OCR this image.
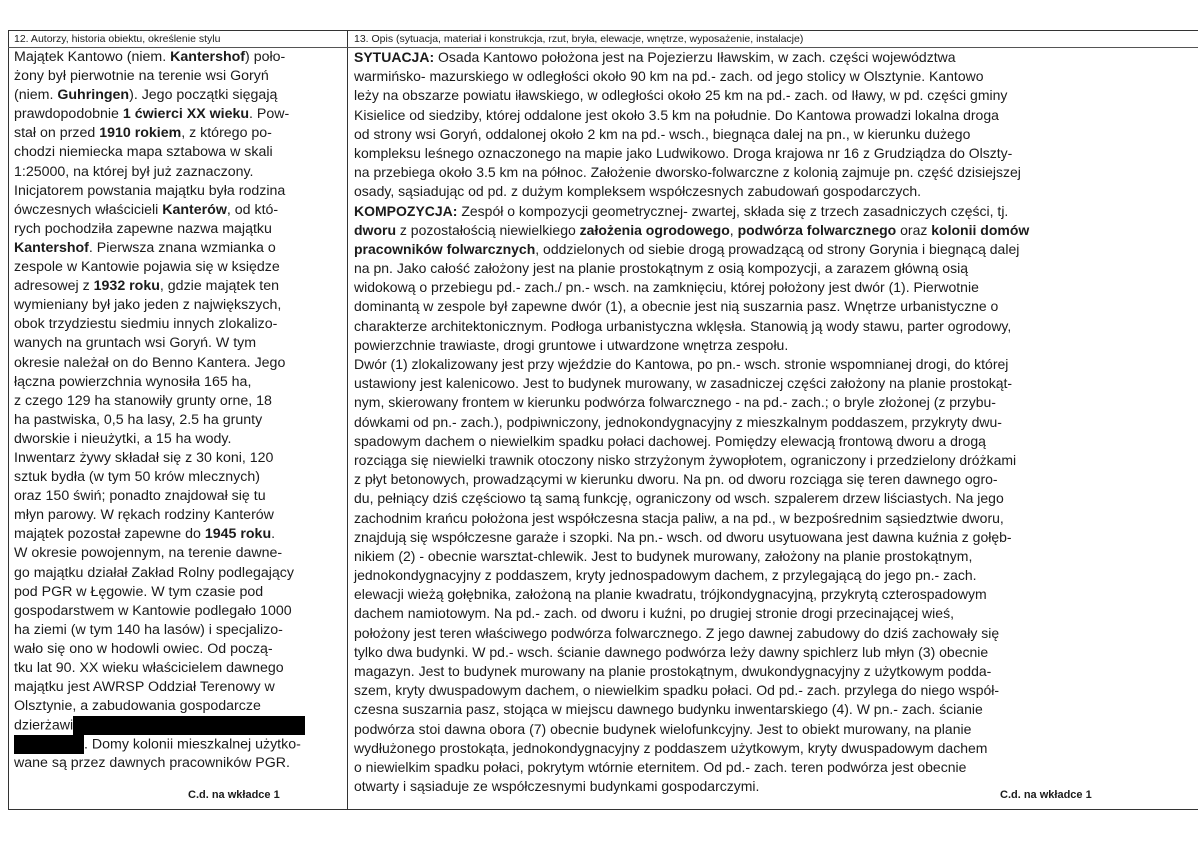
12. Autorzy, historia obiektu, określenie stylu	13. Opis (sytuacja, materiał i konstrukcja, rzut, bryła, elewacje, wnętrze, wyposażenie, instalacje)
Majątek Kantowo (niem. Kantershof) poło-
żony był pierwotnie na terenie wsi Goryń
(niem. Guhringen). Jego początki sięgają
prawdopodobnie 1 ćwierci XX wieku. Pow-
stał on przed 1910 rokiem, z którego po-
chodzi niemiecka mapa sztabowa w skali
1:25000, na której był już zaznaczony.
Inicjatorem powstania majątku była rodzina
ówczesnych właścicieli Kanterów, od któ-
rych pochodziła zapewne nazwa majątku
Kantershof. Pierwsza znana wzmianka o
zespole w Kantowie pojawia się w księdze
adresowej z 1932 roku, gdzie majątek ten
wymieniany był jako jeden z największych,
obok trzydziestu siedmiu innych zlokalizo-
wanych na gruntach wsi Goryń. W tym
okresie należał on do Benno Kantera. Jego
łączna powierzchnia wynosiła 165 ha,
z czego 129 ha stanowiły grunty orne, 18
ha pastwiska, 0,5 ha lasy, 2.5 ha grunty
dworskie i nieużytki, a 15 ha wody.
Inwentarz żywy składał się z 30 koni, 120
sztuk bydła (w tym 50 krów mlecznych)
oraz 150 świń; ponadto znajdował się tu
młyn parowy. W rękach rodziny Kanterów
majątek pozostał zapewne do 1945 roku.
W okresie powojennym, na terenie dawne-
go majątku działał Zakład Rolny podlegający
pod PGR w Łęgowie. W tym czasie pod
gospodarstwem w Kantowie podlegało 1000
ha ziemi (w tym 140 ha lasów) i specjalizo-
wało się ono w hodowli owiec. Od począ-
tku lat 90. XX wieku właścicielem dawnego
majątku jest AWRSP Oddział Terenowy w
Olsztynie, a zabudowania gospodarcze
dzierżawi
. Domy kolonii mieszkalnej użytko-
wane są przez dawnych pracowników PGR.
SYTUACJA: Osada Kantowo położona jest na Pojezierzu Iławskim, w zach. części województwa
warmińsko- mazurskiego w odległości około 90 km na pd.- zach. od jego stolicy w Olsztynie. Kantowo
leży na obszarze powiatu iławskiego, w odległości około 25 km na pd.- zach. od Iławy, w pd. części gminy
Kisielice od siedziby, której oddalone jest około 3.5 km na południe. Do Kantowa prowadzi lokalna droga
od strony wsi Goryń, oddalonej około 2 km na pd.- wsch., biegnąca dalej na pn., w kierunku dużego
kompleksu leśnego oznaczonego na mapie jako Ludwikowo. Droga krajowa nr 16 z Grudziądza do Olszty-
na przebiega około 3.5 km na północ. Założenie dworsko-folwarczne z kolonią zajmuje pn. część dzisiejszej
osady, sąsiadując od pd. z dużym kompleksem współczesnych zabudowań gospodarczych.
KOMPOZYCJA: Zespół o kompozycji geometrycznej- zwartej, składa się z trzech zasadniczych części, tj.
dworu z pozostałością niewielkiego założenia ogrodowego, podwórza folwarcznego oraz kolonii domów
pracowników folwarcznych, oddzielonych od siebie drogą prowadzącą od strony Gorynia i biegnącą dalej
na pn. Jako całość założony jest na planie prostokątnym z osią kompozycji, a zarazem główną osią
widokową o przebiegu pd.- zach./ pn.- wsch. na zamknięciu, której położony jest dwór (1). Pierwotnie
dominantą w zespole był zapewne dwór (1), a obecnie jest nią suszarnia pasz. Wnętrze urbanistyczne o
charakterze architektonicznym. Podłoga urbanistyczna wklęsła. Stanowią ją wody stawu, parter ogrodowy,
powierzchnie trawiaste, drogi gruntowe i utwardzone wnętrza zespołu.
Dwór (1) zlokalizowany jest przy wjeździe do Kantowa, po pn.- wsch. stronie wspomnianej drogi, do której
ustawiony jest kalenicowo. Jest to budynek murowany, w zasadniczej części założony na planie prostokąt-
nym, skierowany frontem w kierunku podwórza folwarcznego - na pd.- zach.; o bryle złożonej (z przybu-
dówkami od pn.- zach.), podpiwniczony, jednokondygnacyjny z mieszkalnym poddaszem, przykryty dwu-
spadowym dachem o niewielkim spadku połaci dachowej. Pomiędzy elewacją frontową dworu a drogą
rozciąga się niewielki trawnik otoczony nisko strzyżonym żywopłotem, ograniczony i przedzielony dróżkami
z płyt betonowych, prowadzącymi w kierunku dworu. Na pn. od dworu rozciąga się teren dawnego ogro-
du, pełniący dziś częściowo tą samą funkcję, ograniczony od wsch. szpalerem drzew liściastych. Na jego
zachodnim krańcu położona jest współczesna stacja paliw, a na pd., w bezpośrednim sąsiedztwie dworu,
znajdują się współczesne garaże i szopki. Na pn.- wsch. od dworu usytuowana jest dawna kuźnia z gołęb-
nikiem (2) - obecnie warsztat-chlewik. Jest to budynek murowany, założony na planie prostokątnym,
jednokondygnacyjny z poddaszem, kryty jednospadowym dachem, z przylegającą do jego pn.- zach.
elewacji wieżą gołębnika, założoną na planie kwadratu, trójkondygnacyjną, przykrytą czterospadowym
dachem namiotowym. Na pd.- zach. od dworu i kuźni, po drugiej stronie drogi przecinającej wieś,
położony jest teren właściwego podwórza folwarcznego. Z jego dawnej zabudowy do dziś zachowały się
tylko dwa budynki. W pd.- wsch. ścianie dawnego podwórza leży dawny spichlerz lub młyn (3) obecnie
magazyn. Jest to budynek murowany na planie prostokątnym, dwukondygnacyjny z użytkowym podda-
szem, kryty dwuspadowym dachem, o niewielkim spadku połaci. Od pd.- zach. przylega do niego współ-
czesna suszarnia pasz, stojąca w miejscu dawnego budynku inwentarskiego (4). W pn.- zach. ścianie
podwórza stoi dawna obora (7) obecnie budynek wielofunkcyjny. Jest to obiekt murowany, na planie
wydłużonego prostokąta, jednokondygnacyjny z poddaszem użytkowym, kryty dwuspadowym dachem
o niewielkim spadku połaci, pokrytym wtórnie eternitem. Od pd.- zach. teren podwórza jest obecnie
otwarty i sąsiaduje ze współczesnymi budynkami gospodarczymi.
C.d. na wkładce 1	C.d. na wkładce 1
